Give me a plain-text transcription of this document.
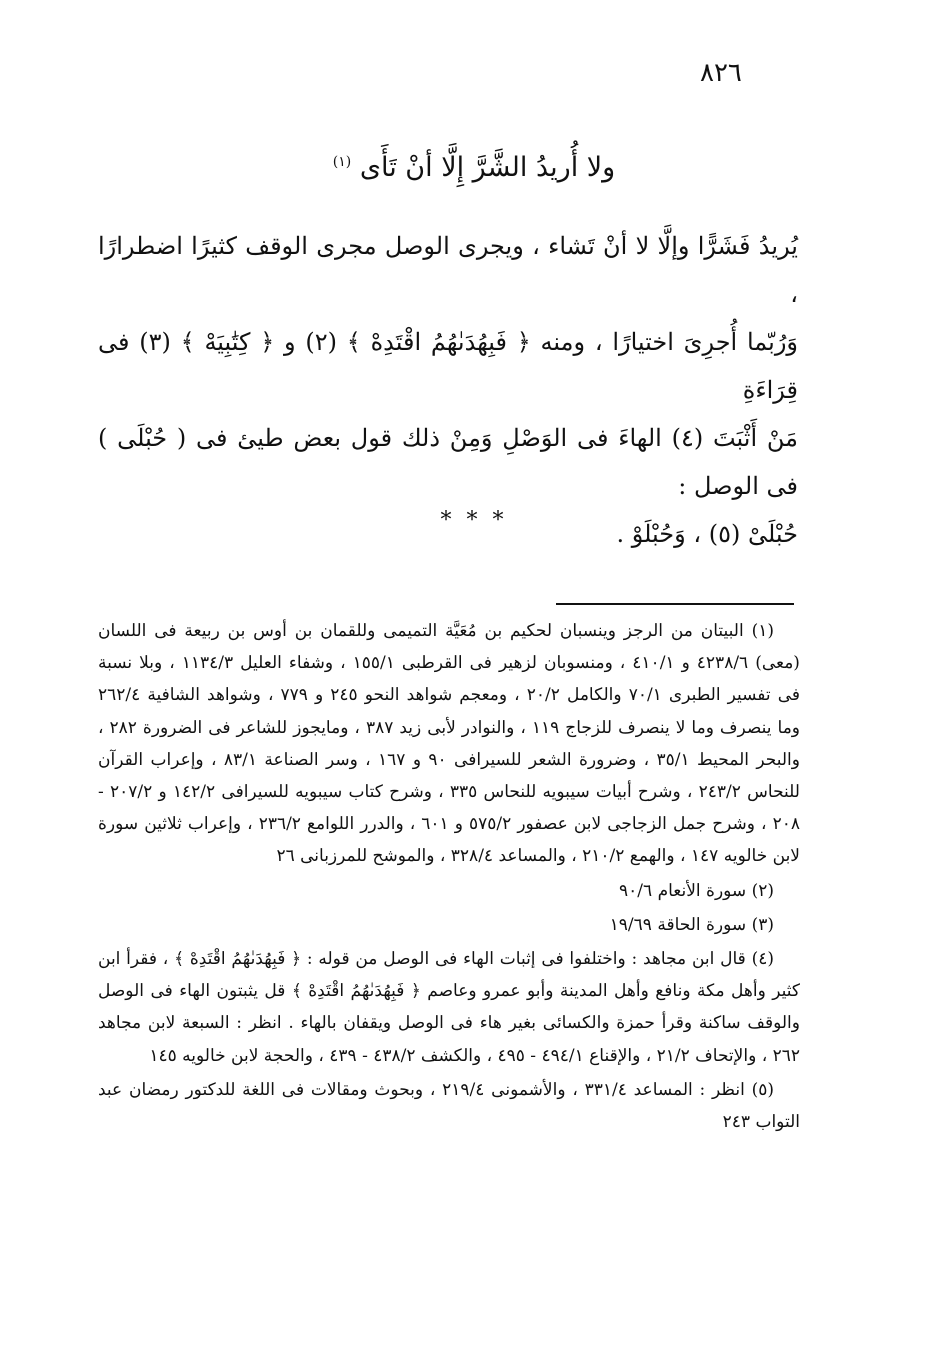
٨٢٦
ولا أُريدُ الشَّرَّ إِلَّا أنْ تَأَى $^{(١)}$
يُريدُ فَشَرًّا وإلَّا لا أنْ تَشاء ، ويجرى الوصل مجرى الوقف كثيرًا اضطرارًا ،
وَرُبّما أُجرِىَ اختيارًا ، ومنه ﴿ فَبِهُدَىٰهُمُ اقْتَدِهْ ﴾ (٢) و ﴿ كِتَٰبِيَهْ ﴾ (٣) فى قِرَاءَةِ
مَنْ أَثْبَتَ (٤) الهاءَ فى الوَصْلِ وَمِنْ ذلك قول بعض طيئ فى ( حُبْلَى ) فى الوصل :
حُبْلَىْ (٥) ، وَحُبْلَوْ .
* * *

(١) البيتان من الرجز وينسبان لحكيم بن مُعَيَّة التميمى وللقمان بن أوس بن ربيعة فى اللسان (معى) ٤٢٣٨/٦ و ٤١٠/١ ، ومنسوبان لزهير فى القرطبى ١٥٥/١ ، وشفاء العليل ١١٣٤/٣ ، وبلا نسبة فى تفسير الطبرى ٧٠/١ والكامل ٢٠/٢ ، ومعجم شواهد النحو ٢٤٥ و ٧٧٩ ، وشواهد الشافية ٢٦٢/٤ وما ينصرف وما لا ينصرف للزجاج ١١٩ ، والنوادر لأبى زيد ٣٨٧ ، ومايجوز للشاعر فى الضرورة ٢٨٢ ، والبحر المحيط ٣٥/١ ، وضرورة الشعر للسيرافى ٩٠ و ١٦٧ ، وسر الصناعة ٨٣/١ ، وإعراب القرآن للنحاس ٢٤٣/٢ ، وشرح أبيات سيبويه للنحاس ٣٣٥ ، وشرح كتاب سيبويه للسيرافى ١٤٢/٢ و ٢٠٧/٢ - ٢٠٨ ، وشرح جمل الزجاجى لابن عصفور ٥٧٥/٢ و ٦٠١ ، والدرر اللوامع ٢٣٦/٢ ، وإعراب ثلاثين سورة لابن خالويه ١٤٧ ، والهمع ٢١٠/٢ ، والمساعد ٣٢٨/٤ ، والموشح للمرزبانى ٢٦

(٢) سورة الأنعام ٩٠/٦

(٣) سورة الحاقة ١٩/٦٩

(٤) قال ابن مجاهد : واختلفوا فى إثبات الهاء فى الوصل من قوله : ﴿ فَبِهُدَىٰهُمُ اقْتَدِهْ ﴾ ، فقرأ ابن كثير وأهل مكة ونافع وأهل المدينة وأبو عمرو وعاصم ﴿ فَبِهُدَىٰهُمُ اقْتَدِهْ ﴾ قل يثبتون الهاء فى الوصل والوقف ساكنة وقرأ حمزة والكسائى بغير هاء فى الوصل ويقفان بالهاء . انظر : السبعة لابن مجاهد ٢٦٢ ، والإتحاف ٢١/٢ ، والإقناع ٤٩٤/١ - ٤٩٥ ، والكشف ٤٣٨/٢ - ٤٣٩ ، والحجة لابن خالويه ١٤٥

(٥) انظر : المساعد ٣٣١/٤ ، والأشمونى ٢١٩/٤ ، وبحوث ومقالات فى اللغة للدكتور رمضان عبد التواب ٢٤٣
